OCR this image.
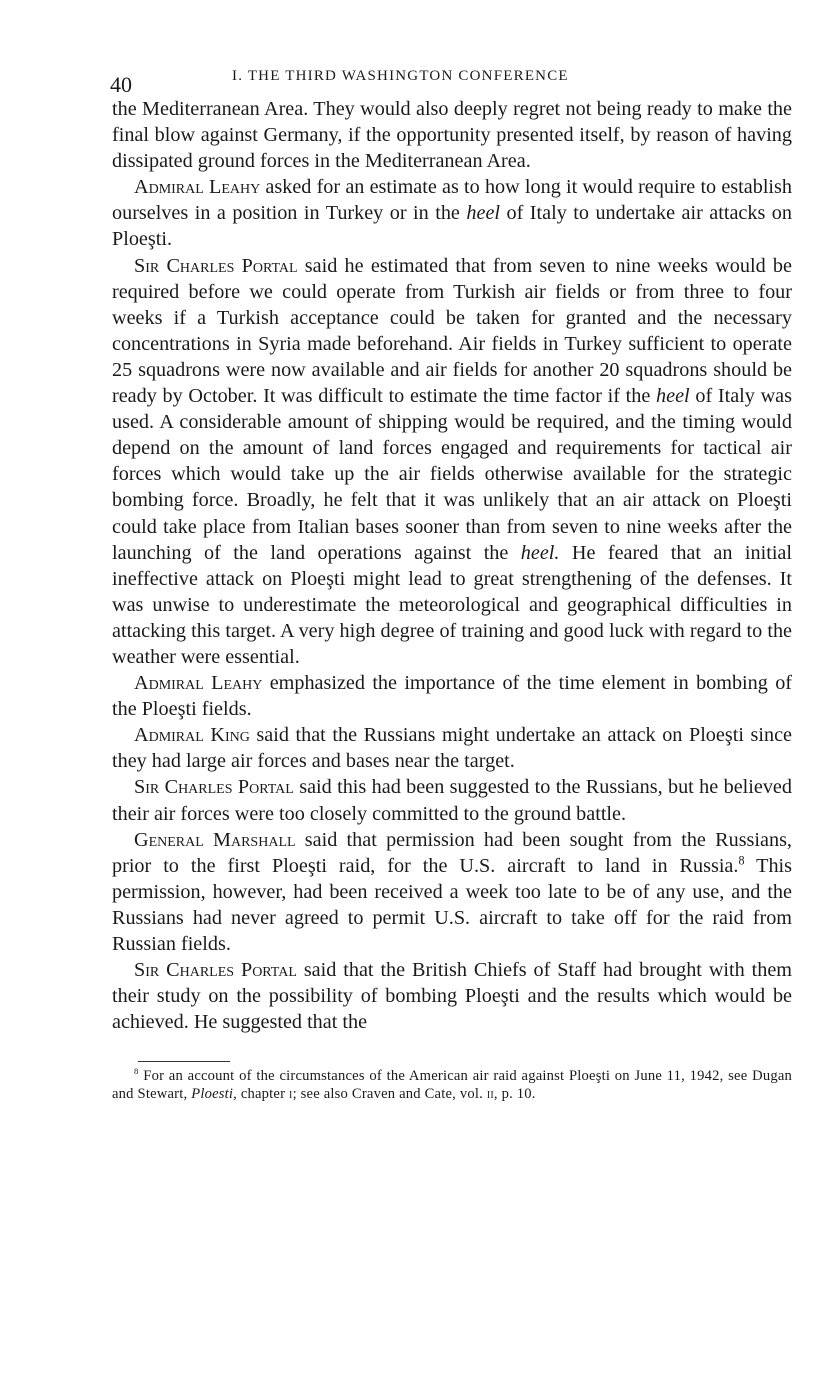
40	I. THE THIRD WASHINGTON CONFERENCE

the Mediterranean Area. They would also deeply regret not being ready to make the final blow against Germany, if the opportunity presented itself, by reason of having dissipated ground forces in the Mediterranean Area.

Admiral Leahy asked for an estimate as to how long it would require to establish ourselves in a position in Turkey or in the heel of Italy to undertake air attacks on Ploeşti.

Sir Charles Portal said he estimated that from seven to nine weeks would be required before we could operate from Turkish air fields or from three to four weeks if a Turkish acceptance could be taken for granted and the necessary concentrations in Syria made beforehand. Air fields in Turkey sufficient to operate 25 squadrons were now available and air fields for another 20 squadrons should be ready by October. It was difficult to estimate the time factor if the heel of Italy was used. A considerable amount of shipping would be required, and the timing would depend on the amount of land forces engaged and requirements for tactical air forces which would take up the air fields otherwise available for the strategic bombing force. Broadly, he felt that it was unlikely that an air attack on Ploeşti could take place from Italian bases sooner than from seven to nine weeks after the launching of the land operations against the heel. He feared that an initial ineffective attack on Ploeşti might lead to great strengthening of the defenses. It was unwise to underestimate the meteorological and geographical difficulties in attacking this target. A very high degree of training and good luck with regard to the weather were essential.

Admiral Leahy emphasized the importance of the time element in bombing of the Ploeşti fields.

Admiral King said that the Russians might undertake an attack on Ploeşti since they had large air forces and bases near the target.

Sir Charles Portal said this had been suggested to the Russians, but he believed their air forces were too closely committed to the ground battle.

General Marshall said that permission had been sought from the Russians, prior to the first Ploeşti raid, for the U.S. aircraft to land in Russia.$^8$ This permission, however, had been received a week too late to be of any use, and the Russians had never agreed to permit U.S. aircraft to take off for the raid from Russian fields.

Sir Charles Portal said that the British Chiefs of Staff had brought with them their study on the possibility of bombing Ploeşti and the results which would be achieved. He suggested that the

$^8$ For an account of the circumstances of the American air raid against Ploeşti on June 11, 1942, see Dugan and Stewart, Ploesti, chapter i; see also Craven and Cate, vol. ii, p. 10.
